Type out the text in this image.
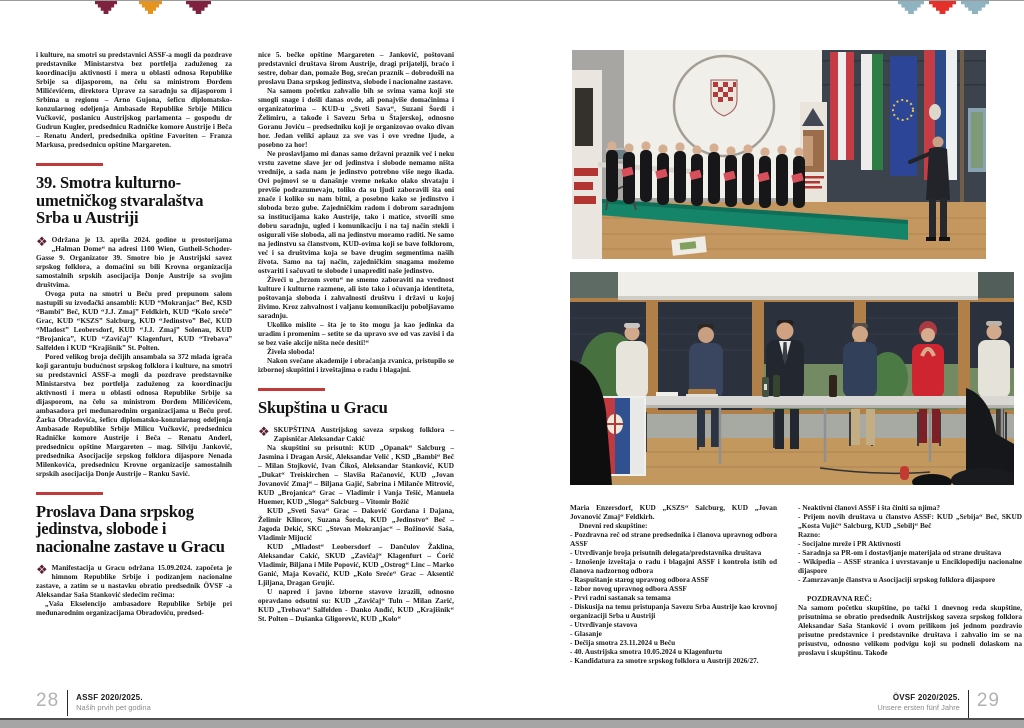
i kulture, na smotri su predstavnici ASSF-a mogli da pozdrave predstavnike Ministarstva bez portfelja zaduženog za koordinaciju aktivnosti i mera u oblasti odnosa Republike Srbije sa dijasporom, na čelu sa ministrom Đorđem Milićevićem, direktora Uprave za saradnju sa dijasporom i Srbima u regionu – Arno Gujona, šeficu diplomatsko-konzularnog odeljenja Ambasade Republike Srbije Milicu Vučković, poslanicu Austrijskog parlamenta – gospođu dr Gudrun Kugler, predsednicu Radničke komore Austrije i Beča – Renatu Anderl, predsednika opštine Favoriten – Franza Markusa, predsednicu opštine Margareten.

39. Smotra kulturno-umetničkog stvaralaštva Srba u Austriji

❖ Održana je 13. aprila 2024. godine u prostorijama „Halman Dome“ na adresi 1100 Wien, Gutheil-Schoder-Gasse 9. Organizator 39. Smotre bio je Austrijski savez srpskog folklora, a domaćini su bili Krovna organizacija samostalnih srpskih asocijacija Donje Austrije sa svojim društvima.

Ovoga puta na smotri u Beču pred prepunom salom nastupili su izvođački ansambli: KUD “Mokranjac” Beč, KSD “Bambi” Beč, KUD “J.J. Zmaj” Feldkirh, KUD “Kolo sreće” Grac, KUD “KSZS” Salcburg, KUD “Jedinstvo” Beč, KUD “Mladost” Leobersdorf, KUD “J.J. Zmaj” Solenau, KUD “Brojanica”, KUD “Zavičaj” Klagenfurt, KUD “Trebava” Salfelden i KUD “Krajišnik” St. Polten.

Pored velikog broja dečijih ansambala sa 372 mlada igrača koji garantuju budućnost srpskog folklora i kulture, na smotri su predstavnici ASSF-a mogli da pozdrave predstavnike Ministarstva bez portfelja zaduženog za koordinaciju aktivnosti i mera u oblasti odnosa Republike Srbije sa dijasporom, na čelu sa ministrom Đorđem Milićevićem, ambasadora pri međunarodnim organizacijama u Beču prof. Žarka Obradovića, šeficu diplomatsko-konzularnog odeljenja Ambasade Republike Srbije Milicu Vučković, predsednicu Radničke komore Austrije i Beča – Renatu Anderl, predsednicu opštine Margareten – mag. Silviju Janković, predsednika Asocijacije srpskog folklora dijaspore Nenada Milenkovića, predsednicu Krovne organizacije samostalnih srpskih asocijacija Donje Austrije – Ranku Savić.

Proslava Dana srpskog jedinstva, slobode i nacionalne zastave u Gracu

❖ Manifestacija u Gracu održana 15.09.2024. započeta je himnom Republike Srbije i podizanjem nacionalne zastave, a zatim se u nastavku obratio predsednik ÖVSF -a Aleksandar Saša Stanković sledećim rečima:

„Vaša Ekselencijo ambasadore Republike Srbije pri međunarodnim organizacijama Obradoviću, predsed-

nice 5. bečke opštine Margareten – Janković, poštovani predstavnici društava širom Austrije, dragi prijatelji, braćo i sestre, dobar dan, pomaže Bog, srećan praznik – dobrodošli na proslavu Dana srpskog jedinstva, slobode i nacionalne zastave.

Na samom početku zahvalio bih se svima vama koji ste smogli snage i došli danas ovde, ali ponajviše domaćinima i organizatorima – KUD-u „Sveti Sava“, Suzani Šordi i Želimiru, a takođe i Savezu Srba u Štajerskoj, odnosno Goranu Joviću – predsedniku koji je organizovao ovako divan hor. Jedan veliki aplauz za sve vas i ove vredne ljude, a posebno za hor!

Ne proslavljamo mi danas samo državni praznik već i neku vrstu zavetne slave jer od jedinstva i slobode nemamo ništa vrednije, a sada nam je jedinstvo potrebno više nego ikada. Ovi pojmovi se u današnje vreme nekako olako shvataju i previše podrazumevaju, toliko da su ljudi zaboravili šta oni znače i koliko su nam bitni, a posebno kako se jedinstvo i sloboda brzo gube. Zajedničkim radom i dobrom saradnjom sa institucijama kako Austrije, tako i matice, stvorili smo dobru saradnju, ugled i komunikaciju i na taj način stekli i osigurali više sloboda, ali na jedinstvu moramo raditi. Ne samo na jedinstvu sa članstvom, KUD-ovima koji se bave folklorom, već i sa društvima koja se bave drugim segmentima naših života. Samo na taj način, zajedničkim snagama možemo ostvariti i sačuvati te slobode i unaprediti naše jedinstvo.

Živeći u „brzom svetu“ ne smemo zaboraviti na vrednost kulture i kulturne razmene, ali isto tako i očuvanja identiteta, poštovanja sloboda i zahvalnosti društvu i državi u kojoj živimo. Kroz zahvalnost i valjanu komunikaciju poboljšavamo saradnju.

Ukoliko mislite – šta je to što mogu ja kao jedinka da uradim i promenim – setite se da upravo sve od vas zavisi i da se bez vaše akcije ništa neće desiti!“

Živela sloboda!

Nakon svečane akademije i obraćanja zvanica, pristupilo se izbornoj skupštini i izveštajima o radu i blagajni.

Skupština u Gracu

❖ SKUPŠTINA Austrijskog saveza srpskog folklora – Zapisničar Aleksandar Cakić

Na skupštini su prisutni: KUD „Opanak“ Salcburg – Jasmina i Dragan Arsić, Aleksandar Velić , KSD „Bambi“ Beč – Milan Stojković, Ivan Čikoš, Aleksandar Stanković, KUD „Dukat“ Treiskirchen – Slaviša Račanović, KUD „Jovan Jovanović Zmaj“ – Biljana Gajić, Sabrina i Milanče Mitrović, KUD „Brojanica“ Grac – Vladimir i Vanja Tešić, Manuela Huemer, KUD „Sloga“ Salcburg – Vitomir Božić

KUD „Sveti Sava“ Grac – Daković Gordana i Dajana, Želimir Klincov, Suzana Šorda, KUD „Jedinstvo“ Beč – Jagoda Dekić, SKC „Stevan Mokranjac“ – Božinović Saša, Vladimir Mijucić

KUD „Mladost“ Leobersdorf – Dančulov Žaklina, Aleksandar Cakić, SKUD „Zavičaj“ Klagenfurt – Ćorić Vladimir, Biljana i Mile Popović, KUD „Ostrog“ Linc – Marko Ganić, Maja Kovačić, KUD „Kolo Sreće“ Grac – Aksentić Ljiljana, Dragan Grujić.

U napred i javno izborne stavove izrazili, odnosno opravdano odsutni su: KUD „Zavičaj“ Tuln – Milan Zarić, KUD „Trebava“ Salfelden - Danko Anđić, KUD „Krajišnik“ St. Polten – Dušanka Gligorević, KUD „Kolo“

28 ASSF 2020/2025.
Naših prvih pet godina

Maria Enzersdorf, KUD „KSZS“ Salcburg, KUD „Jovan Jovanović Zmaj“ Feldkirh.

Dnevni red skupštine:

- Pozdravna reč od strane predsednika i članova upravnog odbora ASSF
- Utvrđivanje broja prisutnih delegata/predstavnika društava
- Iznošenje izveštaja o radu i blagajni ASSF i kontrola istih od članova nadzornog odbora
- Raspuštanje starog upravnog odbora ASSF
- Izbor novog upravnog odbora ASSF
- Prvi radni sastanak sa temama
- Diskusija na temu pristupanja Savezu Srba Austrije kao krovnoj organizaciji Srba u Austriji
- Utvrđivanje stavova
- Glasanje
- Dečija smotra 23.11.2024 u Beču
- 40. Austrijska smotra 10.05.2024 u Klagenfurtu
- Kandidatura za smotre srpskog folklora u Austriji 2026/27.
- Neaktivni članovi ASSF i šta činiti sa njima?
- Prijem novih društava u članstvo ASSF: KUD „Srbija“ Beč, SKUD „Kosta Vujić“ Salcburg, KUD „Sebilj“ Beč
Razno:
- Socijalne mreže i PR Aktivnosti
- Saradnja sa PR-om i dostavljanje materijala od strane društava
- Wikipedia – ASSF stranica i uvrstavanje u Enciklopediju nacionalne dijaspore
- Zamrzavanje članstva u Asocijaciji srpskog folklora dijaspore

POZDRAVNA REČ:

Na samom početku skupštine, po tački 1 dnevnog reda skupštine, prisutnima se obratio predsednik Austrijskog saveza srpskog folklora Aleksandar Saša Stanković i ovom prilikom još jednom pozdravio prisutne predstavnice i predstavnike društava i zahvalio im se na prisustvu, odnosno velikom podvigu koji su podneli dolaskom na proslavu i skupštinu. Takođe

ÖVSF 2020/2025.
Unsere ersten fünf Jahre 29
